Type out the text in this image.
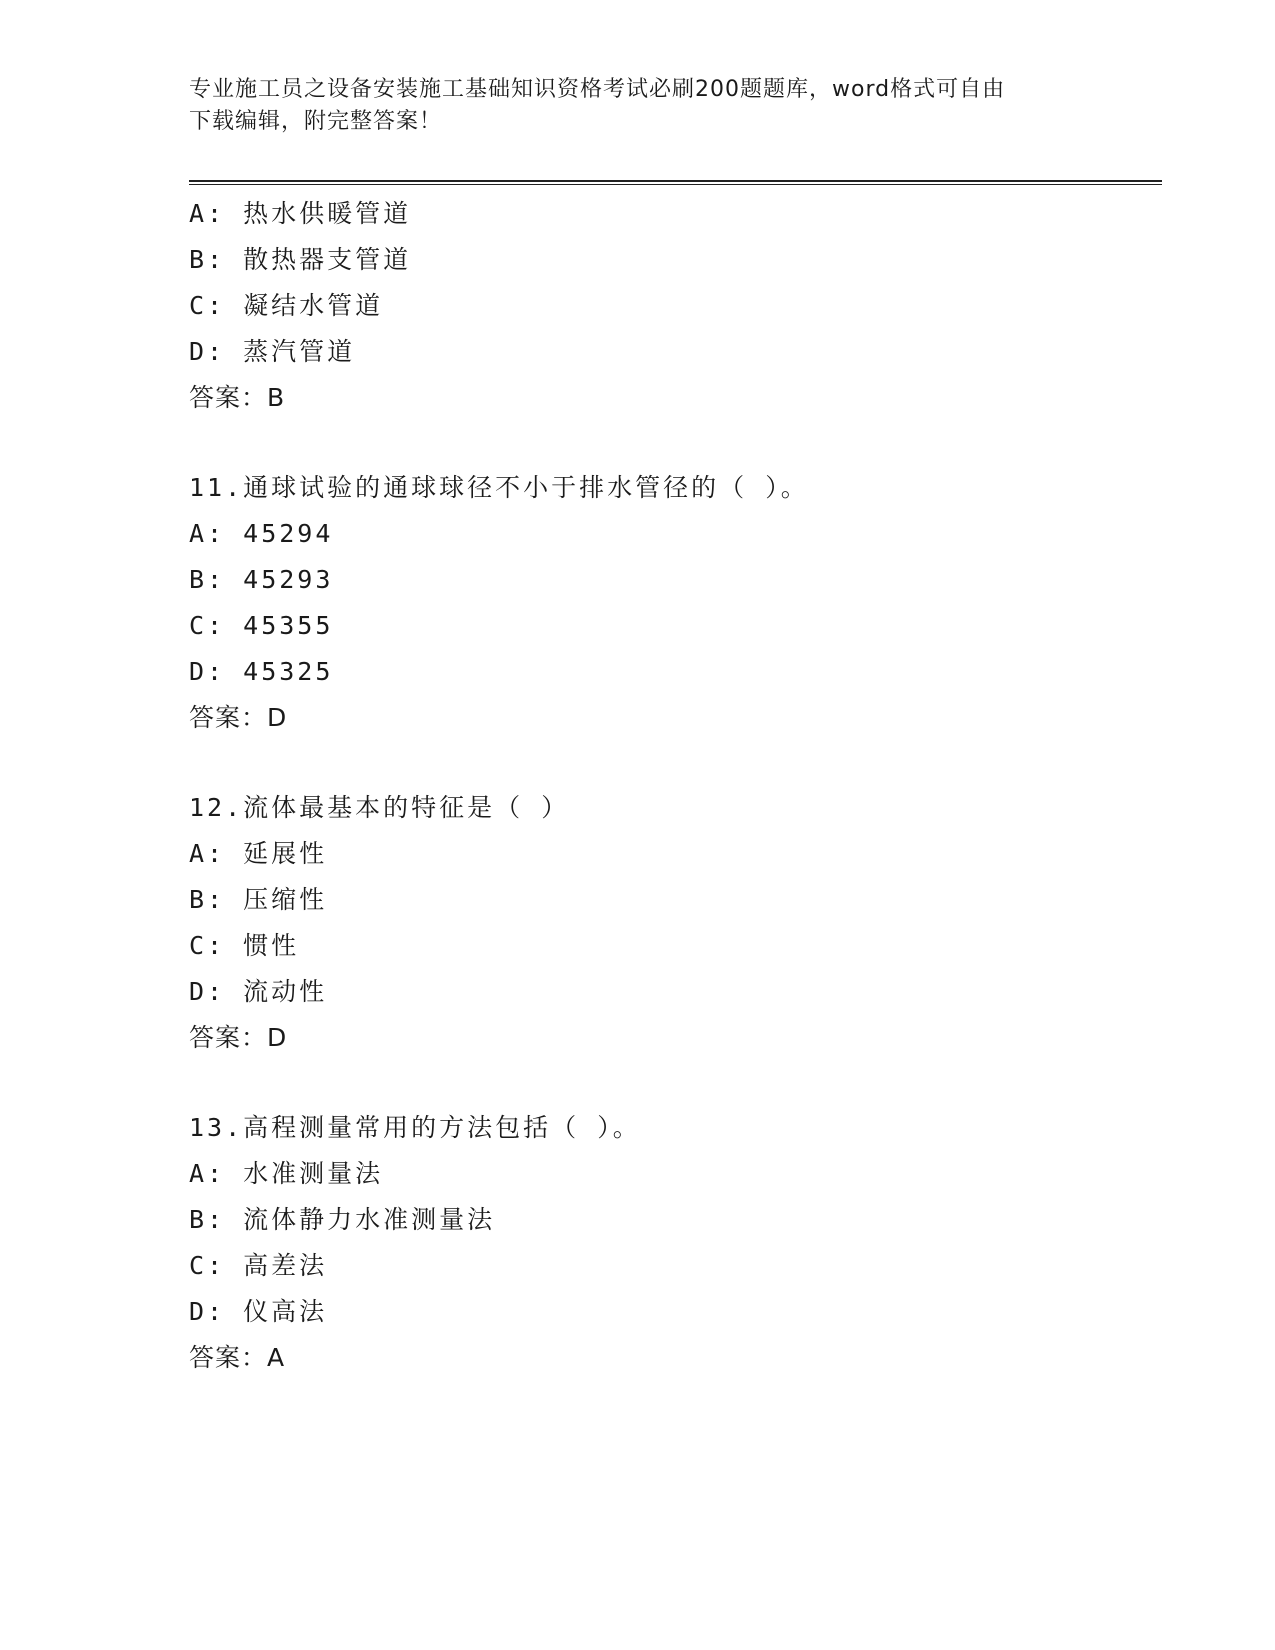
专业施工员之设备安装施工基础知识资格考试必刷200题题库，word格式可自由
下载编辑，附完整答案！
A: 热水供暖管道
B: 散热器支管道
C: 凝结水管道
D: 蒸汽管道
答案：B
11.通球试验的通球球径不小于排水管径的（ ）。
A: 45294
B: 45293
C: 45355
D: 45325
答案：D
12.流体最基本的特征是（ ）
A: 延展性
B: 压缩性
C: 惯性
D: 流动性
答案：D
13.高程测量常用的方法包括（ ）。
A: 水准测量法
B: 流体静力水准测量法
C: 高差法
D: 仪高法
答案：A
